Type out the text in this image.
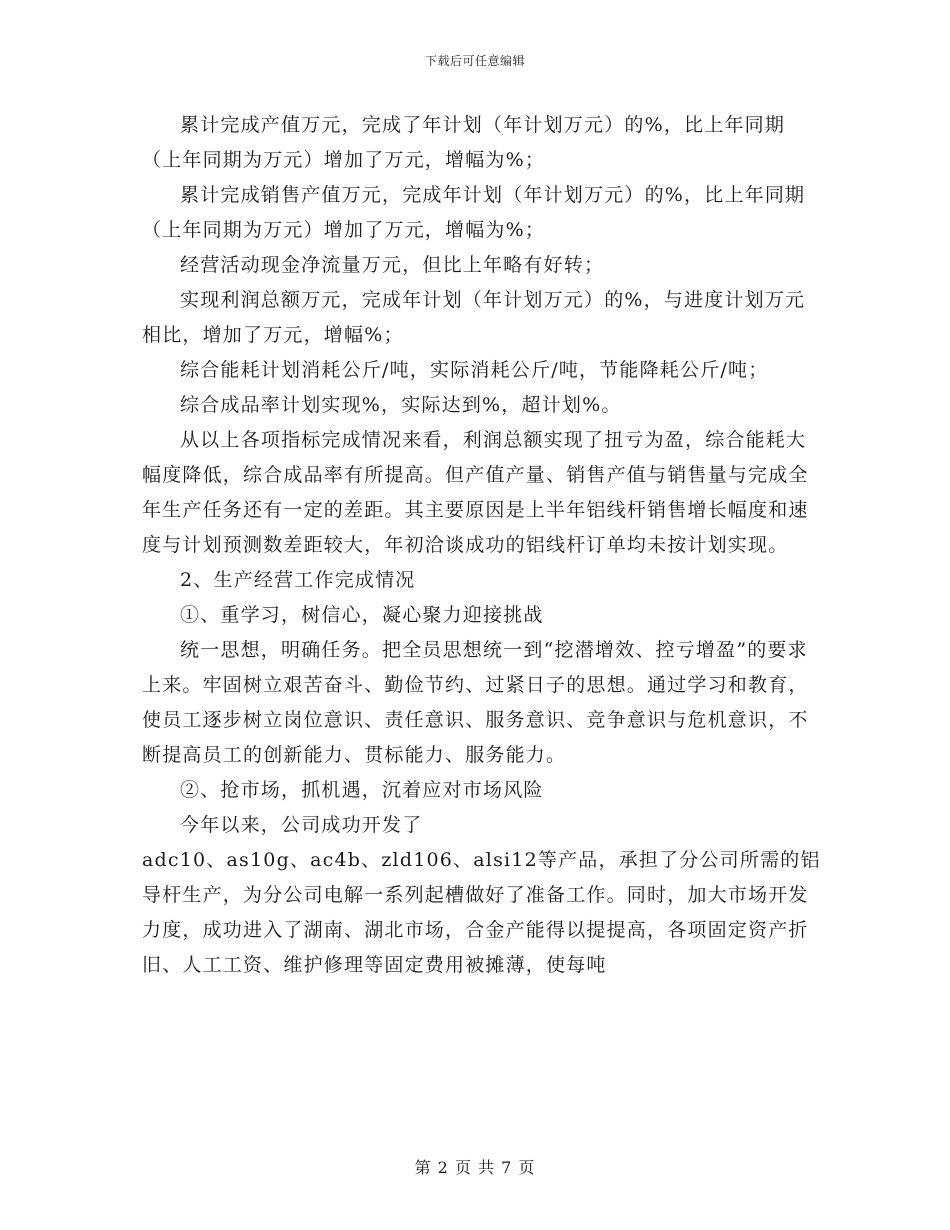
下载后可任意编辑

累计完成产值万元，完成了年计划（年计划万元）的%，比上年同期（上年同期为万元）增加了万元，增幅为%；

累计完成销售产值万元，完成年计划（年计划万元）的%，比上年同期（上年同期为万元）增加了万元，增幅为%；

经营活动现金净流量万元，但比上年略有好转；

实现利润总额万元，完成年计划（年计划万元）的%，与进度计划万元相比，增加了万元，增幅%；

综合能耗计划消耗公斤/吨，实际消耗公斤/吨，节能降耗公斤/吨；

综合成品率计划实现%，实际达到%，超计划%。

从以上各项指标完成情况来看，利润总额实现了扭亏为盈，综合能耗大幅度降低，综合成品率有所提高。但产值产量、销售产值与销售量与完成全年生产任务还有一定的差距。其主要原因是上半年铝线杆销售增长幅度和速度与计划预测数差距较大，年初洽谈成功的铝线杆订单均未按计划实现。

2、生产经营工作完成情况

①、重学习，树信心，凝心聚力迎接挑战

统一思想，明确任务。把全员思想统一到“挖潜增效、控亏增盈”的要求上来。牢固树立艰苦奋斗、勤俭节约、过紧日子的思想。通过学习和教育，使员工逐步树立岗位意识、责任意识、服务意识、竞争意识与危机意识，不断提高员工的创新能力、贯标能力、服务能力。

②、抢市场，抓机遇，沉着应对市场风险

今年以来，公司成功开发了

adc10、as10g、ac4b、zld106、alsi12等产品，承担了分公司所需的铝导杆生产，为分公司电解一系列起槽做好了准备工作。同时，加大市场开发力度，成功进入了湖南、湖北市场，合金产能得以提提高，各项固定资产折旧、人工工资、维护修理等固定费用被摊薄，使每吨

第 2 页 共 7 页
